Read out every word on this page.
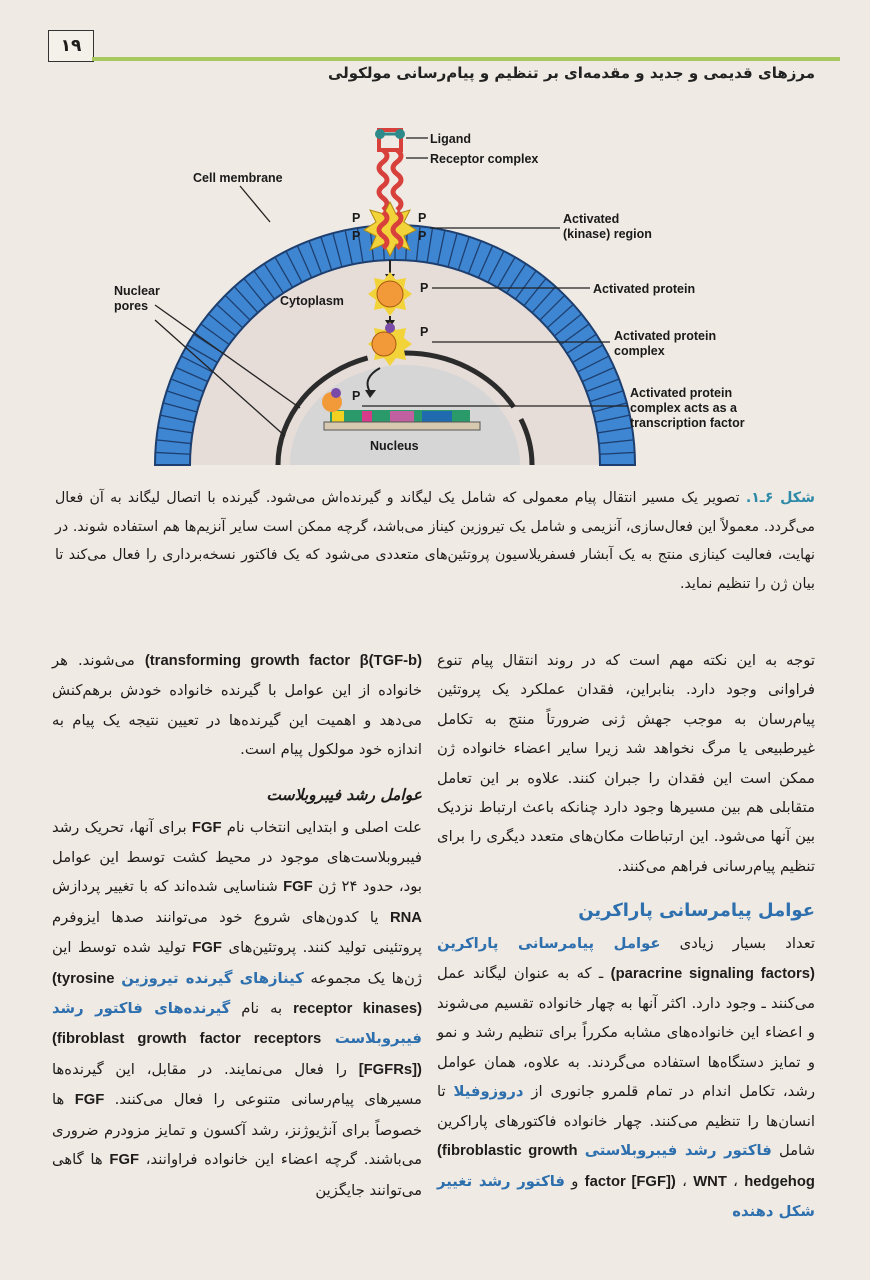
۱۹
مرزهای قدیمی و جدید و مقدمه‌ای بر تنظیم و پیام‌رسانی مولکولی
P
P
P
P
P
P
P
Ligand
Receptor complex
Cell membrane
Activated
(kinase) region
Activated protein
Activated protein
complex
Activated protein
complex acts as a
transcription factor
Nuclear
pores	Cytoplasm
Nucleus
شکل ۶ـ۱. تصویر یک مسیر انتقال پیام معمولی که شامل یک لیگاند و گیرنده‌اش می‌شود. گیرنده با اتصال لیگاند به آن فعال می‌گردد. معمولاً این فعال‌سازی، آنزیمی و شامل یک تیروزین کیناز می‌باشد، گرچه ممکن است سایر آنزیم‌ها هم استفاده شوند. در نهایت، فعالیت کینازی منتج به یک آبشار فسفریلاسیون پروتئین‌های متعددی می‌شود که یک فاکتور نسخه‌برداری را فعال می‌کند تا بیان ژن را تنظیم نماید.

توجه به این نکته مهم است که در روند انتقال پیام تنوع فراوانی وجود دارد. بنابراین، فقدان عملکرد یک پروتئین پیام‌رسان به موجب جهش ژنی ضرورتاً منتج به تکامل غیرطبیعی یا مرگ نخواهد شد زیرا سایر اعضاء خانواده ژن ممکن است این فقدان را جبران کنند. علاوه بر این تعامل متقابلی هم بین مسیرها وجود دارد چنانکه باعث ارتباط نزدیک بین آنها می‌شود. این ارتباطات مکان‌های متعدد دیگری را برای تنظیم پیام‌رسانی فراهم می‌کنند.

عوامل پیامرسانی پاراکرین

تعداد بسیار زیادی عوامل پیامرسانی پاراکرین (paracrine signaling factors) ـ که به عنوان لیگاند عمل می‌کنند ـ وجود دارد. اکثر آنها به چهار خانواده تقسیم می‌شوند و اعضاء این خانواده‌های مشابه مکرراً برای تنظیم رشد و نمو و تمایز دستگاه‌ها استفاده می‌گردند. به علاوه، همان عوامل رشد، تکامل اندام در تمام قلمرو جانوری از دروزوفیلا تا انسان‌ها را تنظیم می‌کنند. چهار خانواده فاکتورهای پاراکرین شامل فاکتور رشد فیبروبلاستی (fibroblastic growth factor [FGF]) ، WNT ، hedgehog و فاکتور رشد تغییر شکل دهنده

(transforming growth factor β(TGF-b) می‌شوند. هر خانواده از این عوامل با گیرنده خانواده خودش برهم‌کنش می‌دهد و اهمیت این گیرنده‌ها در تعیین نتیجه یک پیام به اندازه خود مولکول پیام است.

عوامل رشد فیبروبلاست

علت اصلی و ابتدایی انتخاب نام FGF برای آنها، تحریک رشد فیبروبلاست‌های موجود در محیط کشت توسط این عوامل بود، حدود ۲۴ ژن FGF شناسایی شده‌اند که با تغییر پردازش RNA یا کدون‌های شروع خود می‌توانند صدها ایزوفرم پروتئینی تولید کنند. پروتئین‌های FGF تولید شده توسط این ژن‌ها یک مجموعه کینازهای گیرنده تیروزین (tyrosine receptor kinases) به نام گیرنده‌های فاکتور رشد فیبروبلاست (fibroblast growth factor receptors [FGFRs]) را فعال می‌نمایند. در مقابل، این گیرنده‌ها مسیرهای پیام‌رسانی متنوعی را فعال می‌کنند. FGF ها خصوصاً برای آنژیوژنز، رشد آکسون و تمایز مزودرم ضروری می‌باشند. گرچه اعضاء این خانواده فراوانند، FGF ها گاهی می‌توانند جایگزین
